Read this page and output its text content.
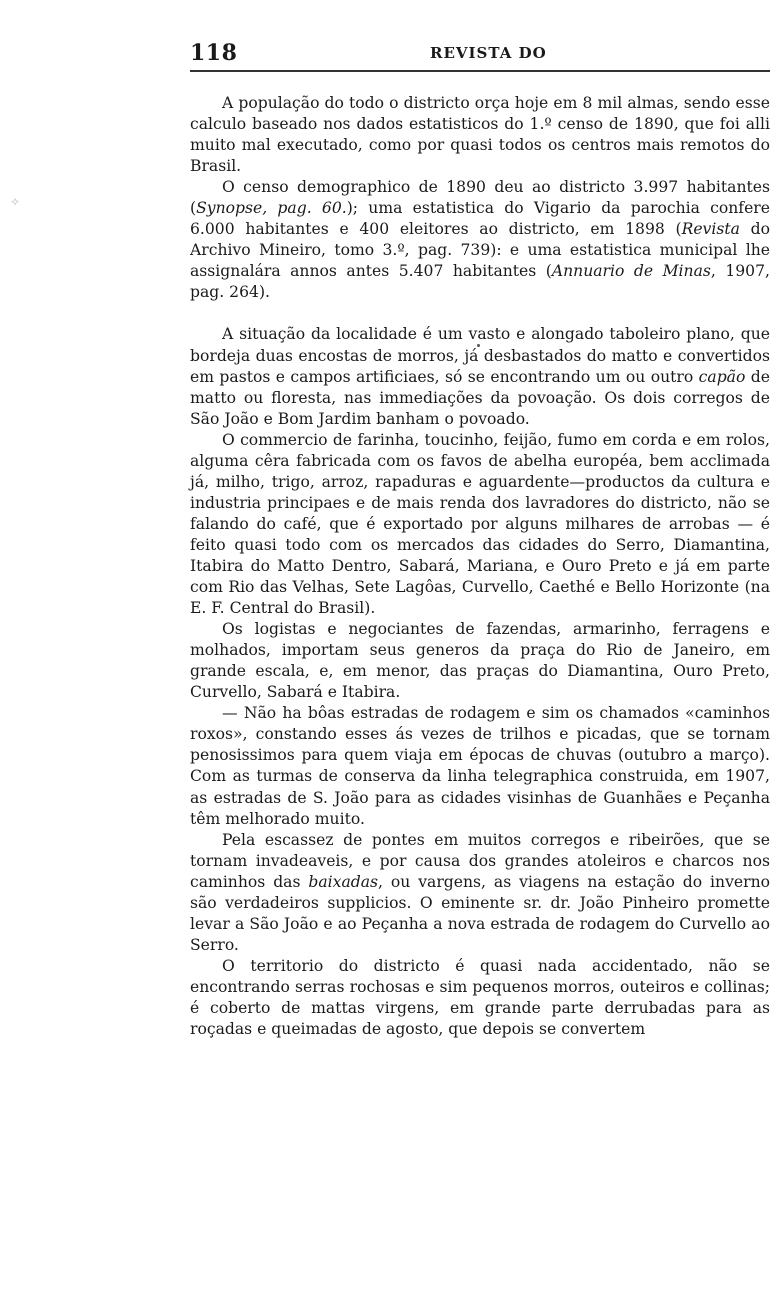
118	REVISTA DO
✧

A população do todo o districto orça hoje em 8 mil almas, sendo esse calculo baseado nos dados estatisticos do 1.º censo de 1890, que foi alli muito mal executado, como por quasi todos os centros mais remotos do Brasil.

O censo demographico de 1890 deu ao districto 3.997 habitantes (Synopse, pag. 60.); uma estatistica do Vigario da parochia confere 6.000 habitantes e 400 eleitores ao districto, em 1898 (Revista do Archivo Mineiro, tomo 3.º, pag. 739): e uma estatistica municipal lhe assignalára annos antes 5.407 habitantes (Annuario de Minas, 1907, pag. 264).

A situação da localidade é um vasto e alongado taboleiro plano, que bordeja duas encostas de morros, já desbastados do matto e convertidos em pastos e campos artificiaes, só se encontrando um ou outro capão de matto ou floresta, nas immediações da povoação. Os dois corregos de São João e Bom Jardim banham o povoado.

O commercio de farinha, toucinho, feijão, fumo em corda e em rolos, alguma cêra fabricada com os favos de abelha européa, bem acclimada já, milho, trigo, arroz, rapaduras e aguardente—productos da cultura e industria principaes e de mais renda dos lavradores do districto, não se falando do café, que é exportado por alguns milhares de arrobas — é feito quasi todo com os mercados das cidades do Serro, Diamantina, Itabira do Matto Dentro, Sabará, Mariana, e Ouro Preto e já em parte com Rio das Velhas, Sete Lagôas, Curvello, Caethé e Bello Horizonte (na E. F. Central do Brasil).

Os logistas e negociantes de fazendas, armarinho, ferragens e molhados, importam seus generos da praça do Rio de Janeiro, em grande escala, e, em menor, das praças do Diamantina, Ouro Preto, Curvello, Sabará e Itabira.

— Não ha bôas estradas de rodagem e sim os chamados «caminhos roxos», constando esses ás vezes de trilhos e picadas, que se tornam penosissimos para quem viaja em épocas de chuvas (outubro a março). Com as turmas de conserva da linha telegraphica construida, em 1907, as estradas de S. João para as cidades visinhas de Guanhães e Peçanha têm melhorado muito.

Pela escassez de pontes em muitos corregos e ribeirões, que se tornam invadeaveis, e por causa dos grandes atoleiros e charcos nos caminhos das baixadas, ou vargens, as viagens na estação do inverno são verdadeiros supplicios. O eminente sr. dr. João Pinheiro promette levar a São João e ao Peçanha a nova estrada de rodagem do Curvello ao Serro.

O territorio do districto é quasi nada accidentado, não se encontrando serras rochosas e sim pequenos morros, outeiros e collinas; é coberto de mattas virgens, em grande parte derrubadas para as roçadas e queimadas de agosto, que depois se convertem
